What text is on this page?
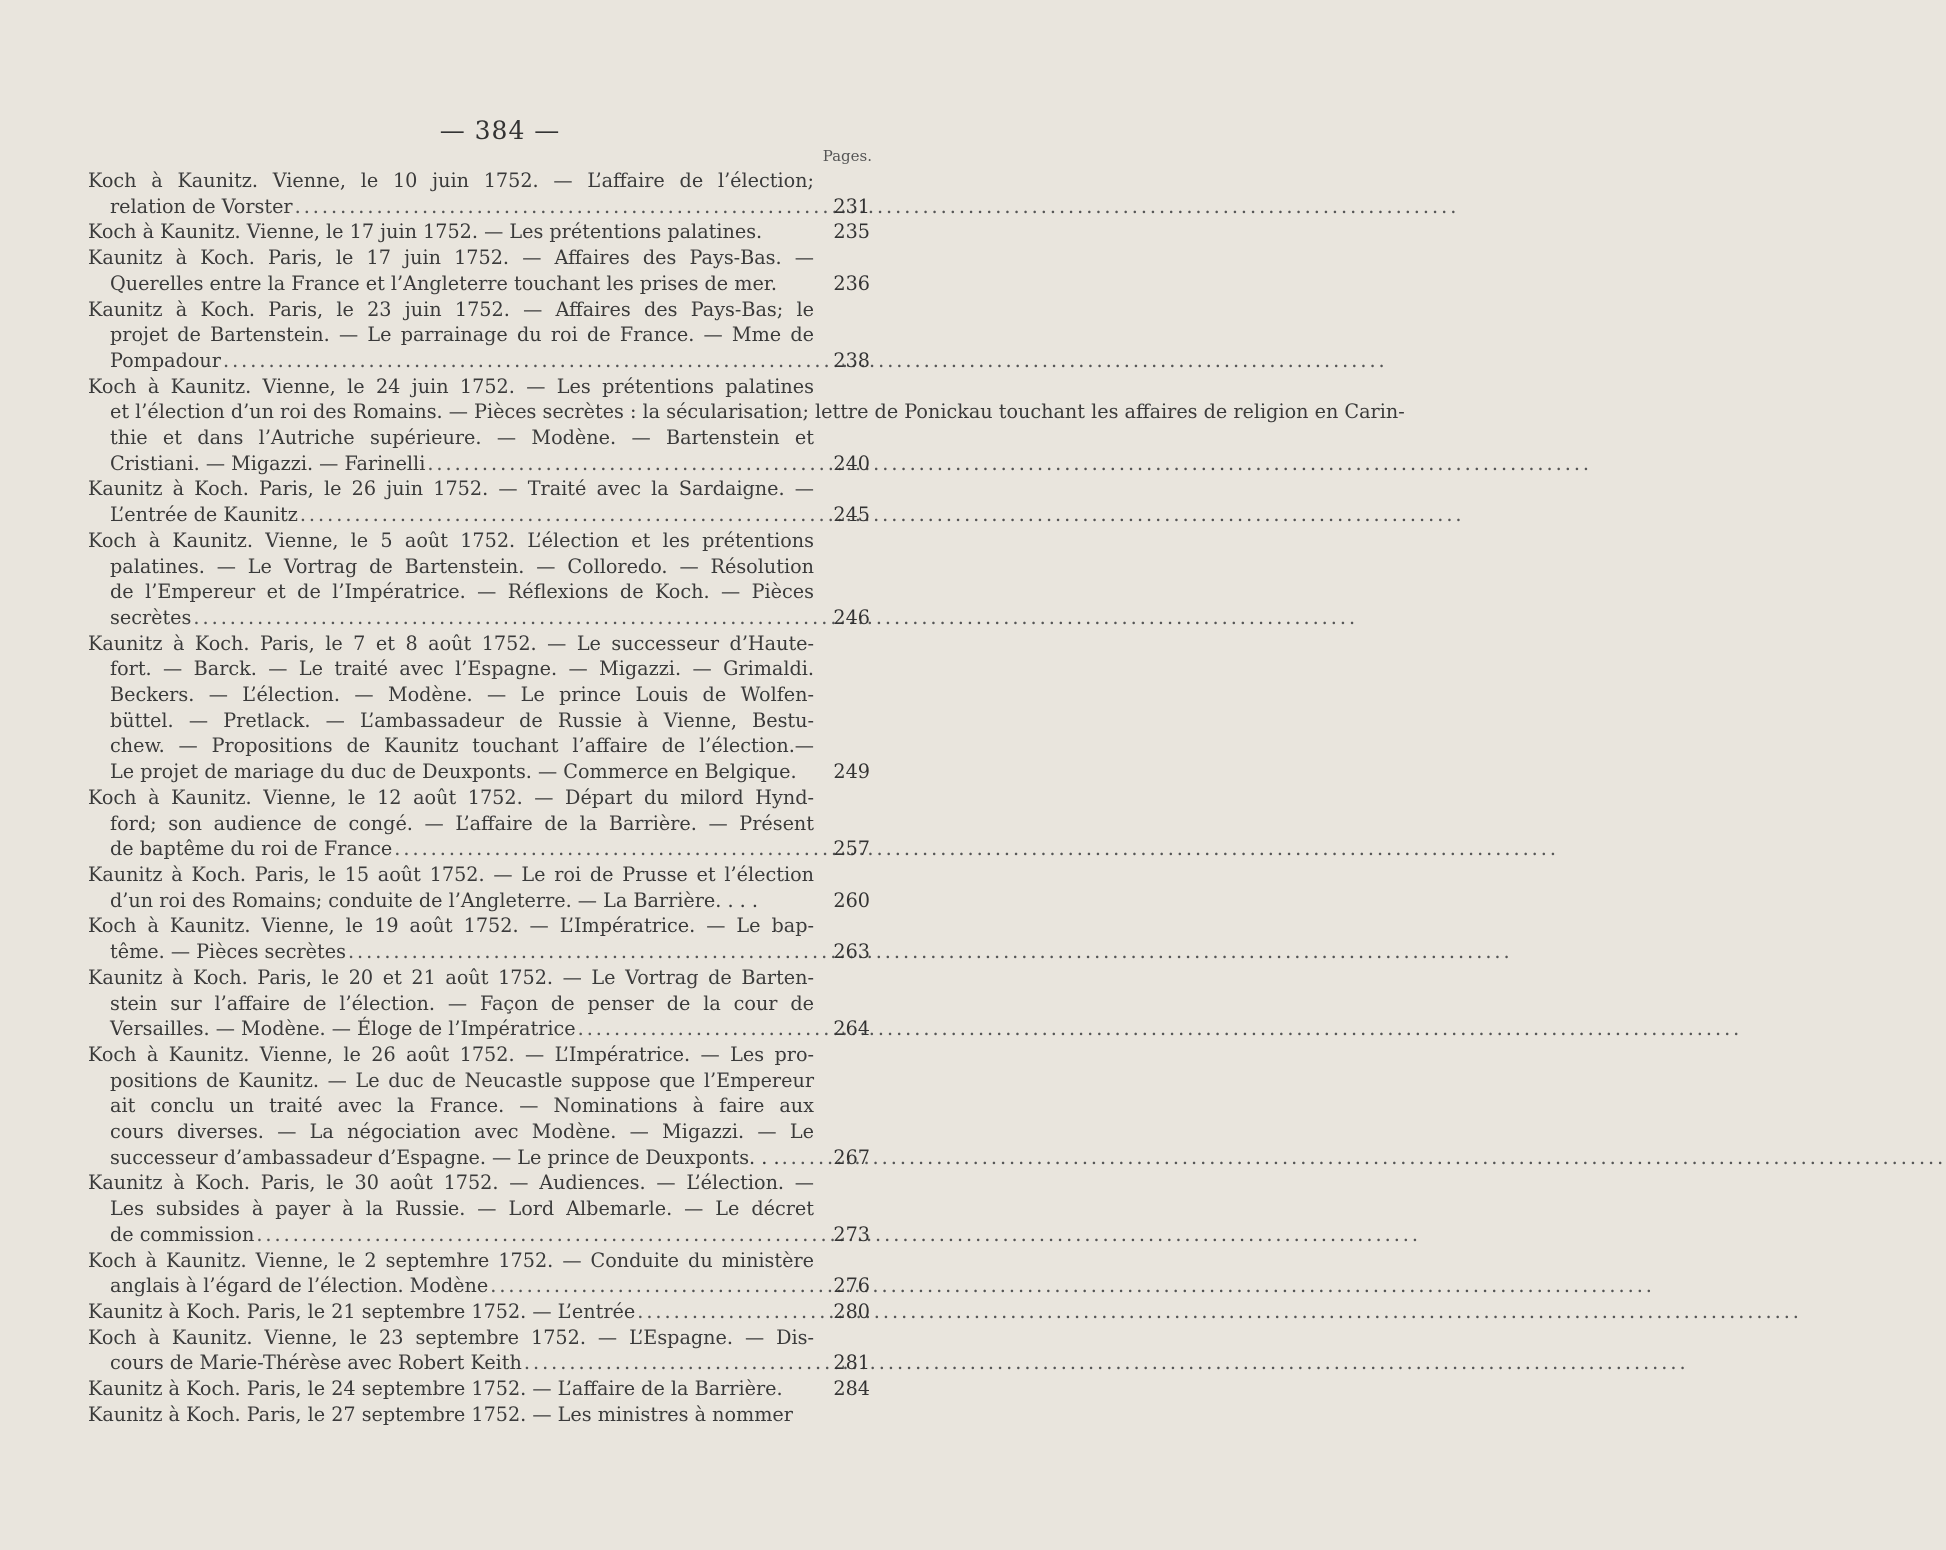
— 384 —
Pages.
Koch à Kaunitz. Vienne, le 10 juin 1752. — L’affaire de l’élection;
relation de Vorster .....	231
Koch à Kaunitz. Vienne, le 17 juin 1752. — Les prétentions palatines.	235
Kaunitz à Koch. Paris, le 17 juin 1752. — Affaires des Pays-Bas. —
Querelles entre la France et l’Angleterre touchant les prises de mer.	236
Kaunitz à Koch. Paris, le 23 juin 1752. — Affaires des Pays-Bas; le
projet de Bartenstein. — Le parrainage du roi de France. — Mme de
Pompadour .....	238
Koch à Kaunitz. Vienne, le 24 juin 1752. — Les prétentions palatines
et l’élection d’un roi des Romains. — Pièces secrètes : la sécularisation; lettre de Ponickau touchant les affaires de religion en Carin-
thie et dans l’Autriche supérieure. — Modène. — Bartenstein et
Cristiani. — Migazzi. — Farinelli .....	240
Kaunitz à Koch. Paris, le 26 juin 1752. — Traité avec la Sardaigne. —
L’entrée de Kaunitz .....	245
Koch à Kaunitz. Vienne, le 5 août 1752. L’élection et les prétentions
palatines. — Le Vortrag de Bartenstein. — Colloredo. — Résolution
de l’Empereur et de l’Impératrice. — Réflexions de Koch. — Pièces
secrètes .....	246
Kaunitz à Koch. Paris, le 7 et 8 août 1752. — Le successeur d’Haute-
fort. — Barck. — Le traité avec l’Espagne. — Migazzi. — Grimaldi.
Beckers. — L’élection. — Modène. — Le prince Louis de Wolfen-
büttel. — Pretlack. — L’ambassadeur de Russie à Vienne, Bestu-
chew. — Propositions de Kaunitz touchant l’affaire de l’élection.—
Le projet de mariage du duc de Deuxponts. — Commerce en Belgique.	249
Koch à Kaunitz. Vienne, le 12 août 1752. — Départ du milord Hynd-
ford; son audience de congé. — L’affaire de la Barrière. — Présent
de baptême du roi de France .....	257
Kaunitz à Koch. Paris, le 15 août 1752. — Le roi de Prusse et l’élection
d’un roi des Romains; conduite de l’Angleterre. — La Barrière. . . .	260
Koch à Kaunitz. Vienne, le 19 août 1752. — L’Impératrice. — Le bap-
tême. — Pièces secrètes .....	263
Kaunitz à Koch. Paris, le 20 et 21 août 1752. — Le Vortrag de Barten-
stein sur l’affaire de l’élection. — Façon de penser de la cour de
Versailles. — Modène. — Éloge de l’Impératrice .....	264
Koch à Kaunitz. Vienne, le 26 août 1752. — L’Impératrice. — Les pro-
positions de Kaunitz. — Le duc de Neucastle suppose que l’Empereur
ait conclu un traité avec la France. — Nominations à faire aux
cours diverses. — La négociation avec Modène. — Migazzi. — Le
successeur d’ambassadeur d’Espagne. — Le prince de Deuxponts. . . .....	267
Kaunitz à Koch. Paris, le 30 août 1752. — Audiences. — L’élection. —
Les subsides à payer à la Russie. — Lord Albemarle. — Le décret
de commission .....	273
Koch à Kaunitz. Vienne, le 2 septemhre 1752. — Conduite du ministère
anglais à l’égard de l’élection. Modène .....	276
Kaunitz à Koch. Paris, le 21 septembre 1752. — L’entrée .....	280
Koch à Kaunitz. Vienne, le 23 septembre 1752. — L’Espagne. — Dis-
cours de Marie-Thérèse avec Robert Keith .....	281
Kaunitz à Koch. Paris, le 24 septembre 1752. — L’affaire de la Barrière.	284
Kaunitz à Koch. Paris, le 27 septembre 1752. — Les ministres à nommer
